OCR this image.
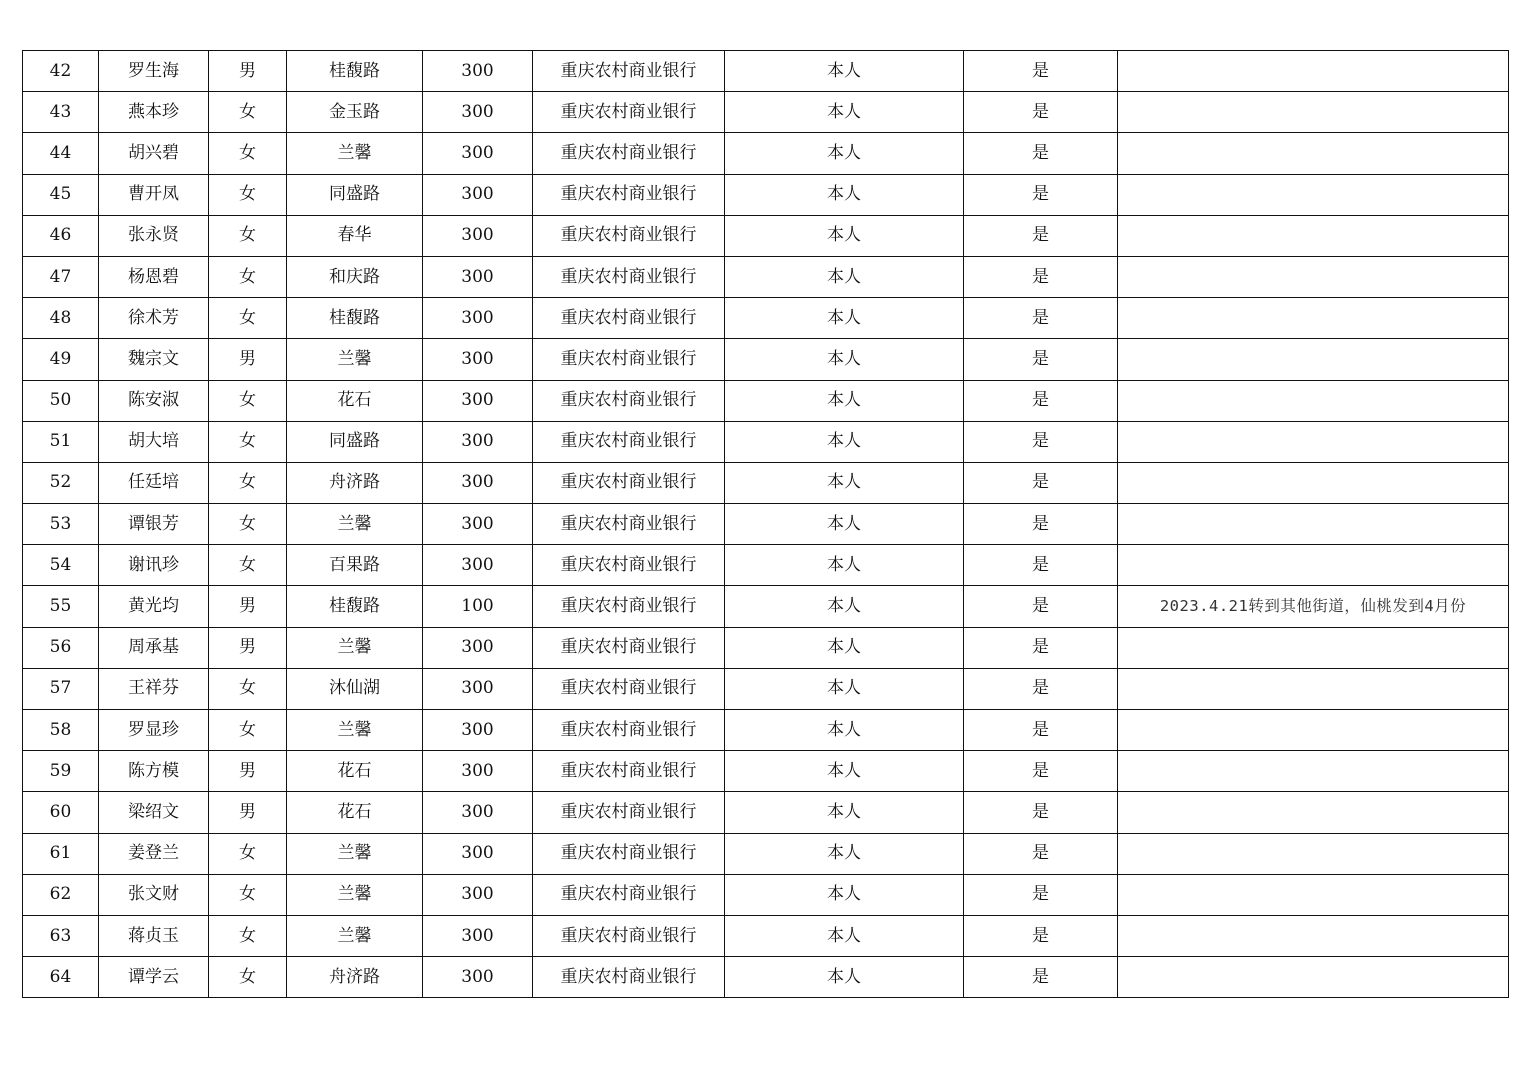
42	罗生海	男	桂馥路	300	重庆农村商业银行	本人	是	
43	燕本珍	女	金玉路	300	重庆农村商业银行	本人	是	
44	胡兴碧	女	兰馨	300	重庆农村商业银行	本人	是	
45	曹开凤	女	同盛路	300	重庆农村商业银行	本人	是	
46	张永贤	女	春华	300	重庆农村商业银行	本人	是	
47	杨恩碧	女	和庆路	300	重庆农村商业银行	本人	是	
48	徐术芳	女	桂馥路	300	重庆农村商业银行	本人	是	
49	魏宗文	男	兰馨	300	重庆农村商业银行	本人	是	
50	陈安淑	女	花石	300	重庆农村商业银行	本人	是	
51	胡大培	女	同盛路	300	重庆农村商业银行	本人	是	
52	任廷培	女	舟济路	300	重庆农村商业银行	本人	是	
53	谭银芳	女	兰馨	300	重庆农村商业银行	本人	是	
54	谢讯珍	女	百果路	300	重庆农村商业银行	本人	是	
55	黄光均	男	桂馥路	100	重庆农村商业银行	本人	是	2023.4.21转到其他街道，仙桃发到4月份
56	周承基	男	兰馨	300	重庆农村商业银行	本人	是	
57	王祥芬	女	沐仙湖	300	重庆农村商业银行	本人	是	
58	罗显珍	女	兰馨	300	重庆农村商业银行	本人	是	
59	陈方模	男	花石	300	重庆农村商业银行	本人	是	
60	梁绍文	男	花石	300	重庆农村商业银行	本人	是	
61	姜登兰	女	兰馨	300	重庆农村商业银行	本人	是	
62	张文财	女	兰馨	300	重庆农村商业银行	本人	是	
63	蒋贞玉	女	兰馨	300	重庆农村商业银行	本人	是	
64	谭学云	女	舟济路	300	重庆农村商业银行	本人	是	
